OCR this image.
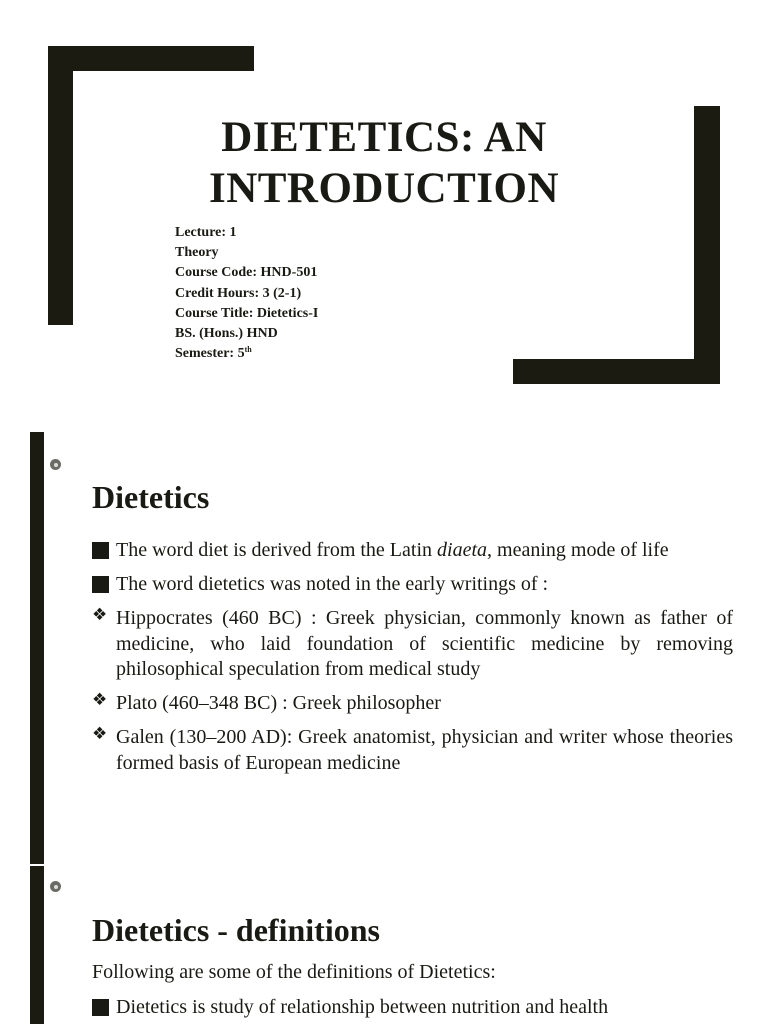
DIETETICS: AN
INTRODUCTION
Lecture: 1
Theory
Course Code: HND-501
Credit Hours: 3 (2-1)
Course Title: Dietetics-I
BS. (Hons.) HND
Semester: 5th
Dietetics
The word diet is derived from the Latin diaeta, meaning mode of life
The word dietetics was noted in the early writings of :
❖ Hippocrates (460 BC) : Greek physician, commonly known as father of medicine, who laid foundation of scientific medicine by removing philosophical speculation from medical study
❖ Plato (460–348 BC) : Greek philosopher
❖ Galen (130–200 AD): Greek anatomist, physician and writer whose theories formed basis of European medicine
Dietetics - definitions
Following are some of the definitions of Dietetics:
Dietetics is study of relationship between nutrition and health
